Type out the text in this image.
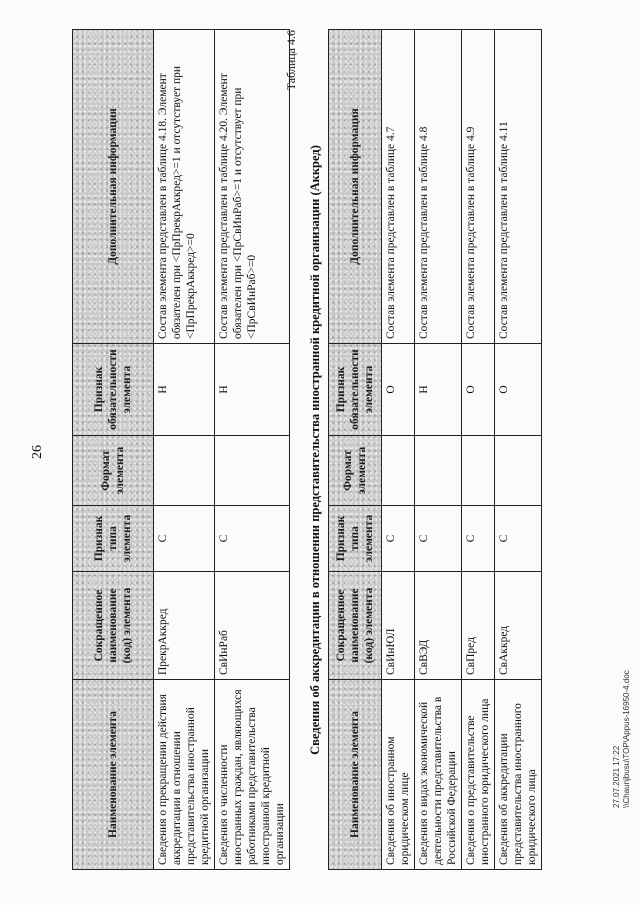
26
Наименование элемента	Сокращенное наименование (код) элемента	Признак типа элемента	Формат элемента	Признак обязательности элемента	Дополнительная информация
Сведения о прекращении действия аккредитации в отношении представительства иностранной кредитной организации	ПрекрАккред	С		Н	Состав элемента представлен в таблице 4.18. Элемент обязателен при <ПрПрекрАккред>=1 и отсутствует при <ПрПрекрАккред>=0
Сведения о численности иностранных граждан, являющихся работниками представительства иностранной кредитной организации	СвИнРаб	С		Н	Состав элемента представлен в таблице 4.20. Элемент обязателен при <ПрСвИнРаб>=1 и отсутствует при <ПрСвИнРаб>=0
Таблица 4.6
Сведения об аккредитации в отношении представительства иностранной кредитной организации (Аккред)
Наименование элемента	Сокращенное наименование (код) элемента	Признак типа элемента	Формат элемента	Признак обязательности элемента	Дополнительная информация
Сведения об иностранном юридическом лице	СвИнЮЛ	С		О	Состав элемента представлен в таблице 4.7
Сведения о видах экономической деятельности представительства в Российской Федерации	СвВЭД	С		Н	Состав элемента представлен в таблице 4.8
Сведения о представительстве иностранного юридического лица	СвПред	С		О	Состав элемента представлен в таблице 4.9
Сведения об аккредитации представительства иностранного юридического лица	СвАккред	С		О	Состав элемента представлен в таблице 4.11
27.07.2021 17:22 \\Chaunjbusu\TOP\Appus-16950-4.doc
